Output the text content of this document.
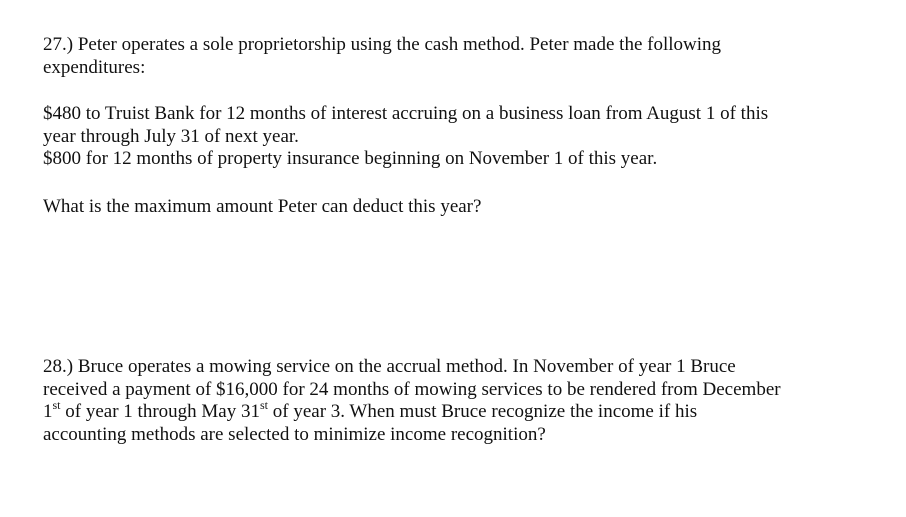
27.) Peter operates a sole proprietorship using the cash method. Peter made the following
expenditures:

$480 to Truist Bank for 12 months of interest accruing on a business loan from August 1 of this
year through July 31 of next year.

$800 for 12 months of property insurance beginning on November 1 of this year.

What is the maximum amount Peter can deduct this year?

28.) Bruce operates a mowing service on the accrual method. In November of year 1 Bruce
received a payment of $16,000 for 24 months of mowing services to be rendered from December
1st of year 1 through May 31st of year 3. When must Bruce recognize the income if his
accounting methods are selected to minimize income recognition?
